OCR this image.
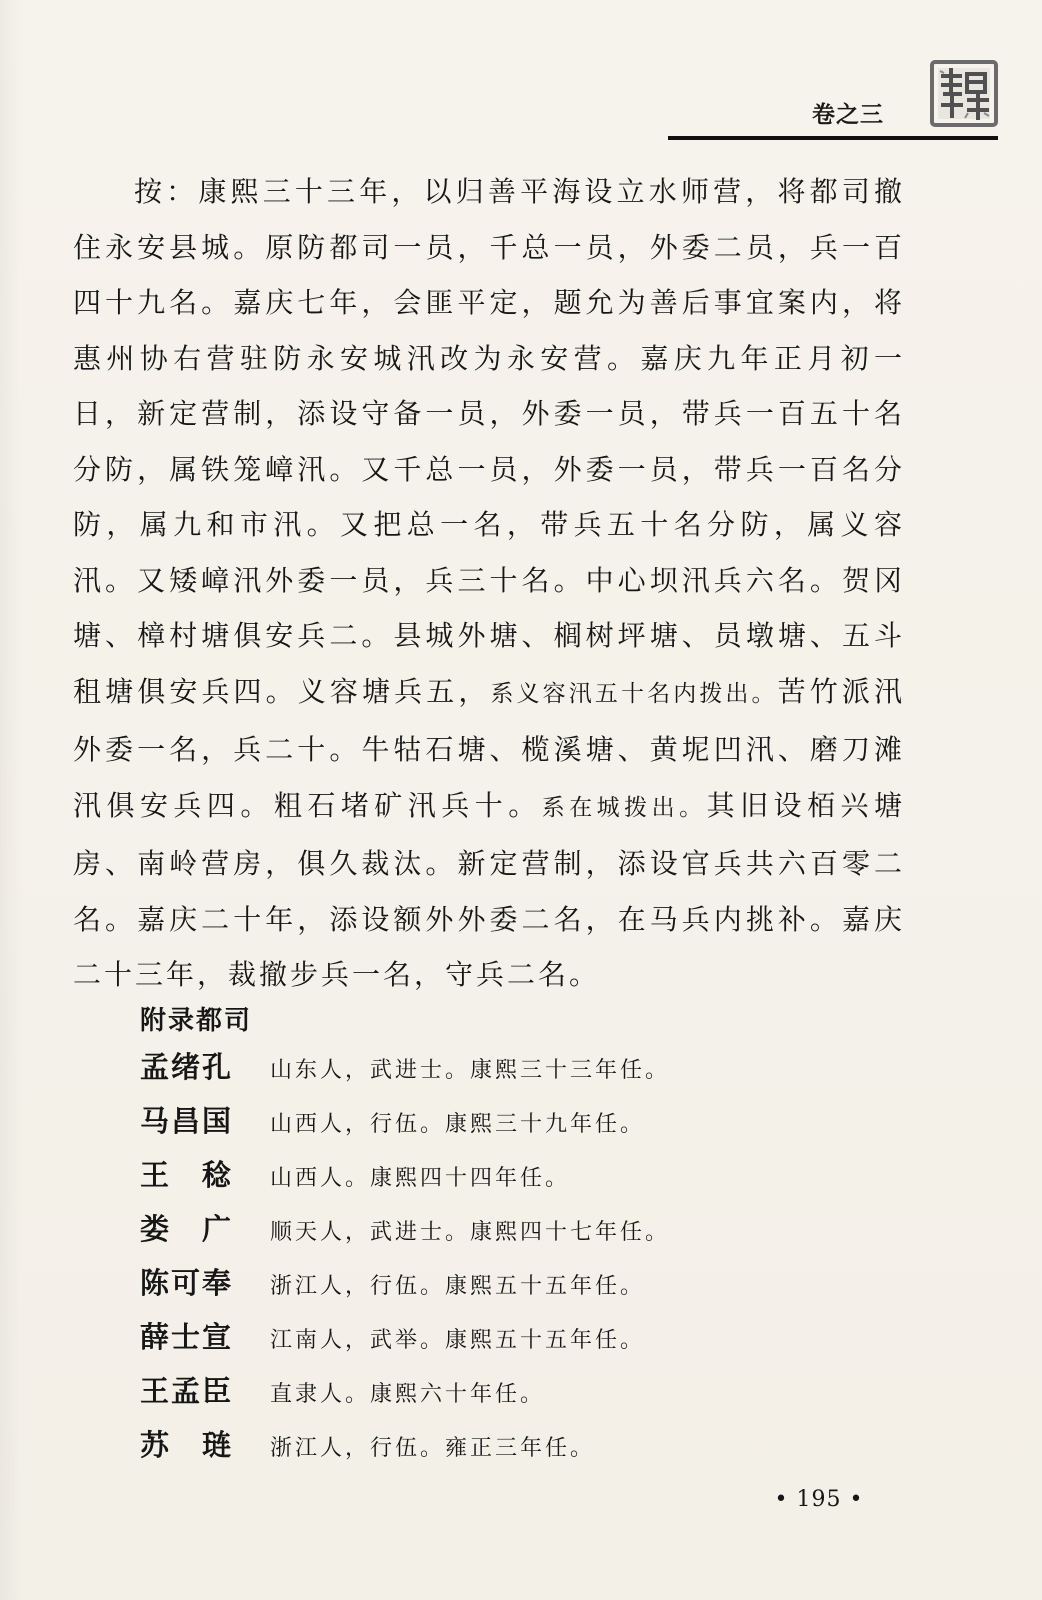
卷之三

按：康熙三十三年，以归善平海设立水师营，将都司撤住永安县城。原防都司一员，千总一员，外委二员，兵一百四十九名。嘉庆七年，会匪平定，题允为善后事宜案内，将惠州协右营驻防永安城汛改为永安营。嘉庆九年正月初一日，新定营制，添设守备一员，外委一员，带兵一百五十名分防，属铁笼嶂汛。又千总一员，外委一员，带兵一百名分防，属九和市汛。又把总一名，带兵五十名分防，属义容汛。又矮嶂汛外委一员，兵三十名。中心坝汛兵六名。贺冈塘、樟村塘俱安兵二。县城外塘、榈树坪塘、员墩塘、五斗租塘俱安兵四。义容塘兵五，系义容汛五十名内拨出。苦竹派汛外委一名，兵二十。牛牯石塘、榄溪塘、黄坭凹汛、磨刀滩汛俱安兵四。粗石堵矿汛兵十。系在城拨出。其旧设栢兴塘房、南岭营房，俱久裁汰。新定营制，添设官兵共六百零二名。嘉庆二十年，添设额外外委二名，在马兵内挑补。嘉庆二十三年，裁撤步兵一名，守兵二名。

附录都司
孟绪孔	山东人，武进士。康熙三十三年任。
马昌国	山西人，行伍。康熙三十九年任。
王　稔	山西人。康熙四十四年任。
娄　广	顺天人，武进士。康熙四十七年任。
陈可奉	浙江人，行伍。康熙五十五年任。
薛士宣	江南人，武举。康熙五十五年任。
王孟臣	直隶人。康熙六十年任。
苏　琏	浙江人，行伍。雍正三年任。
• 195 •
